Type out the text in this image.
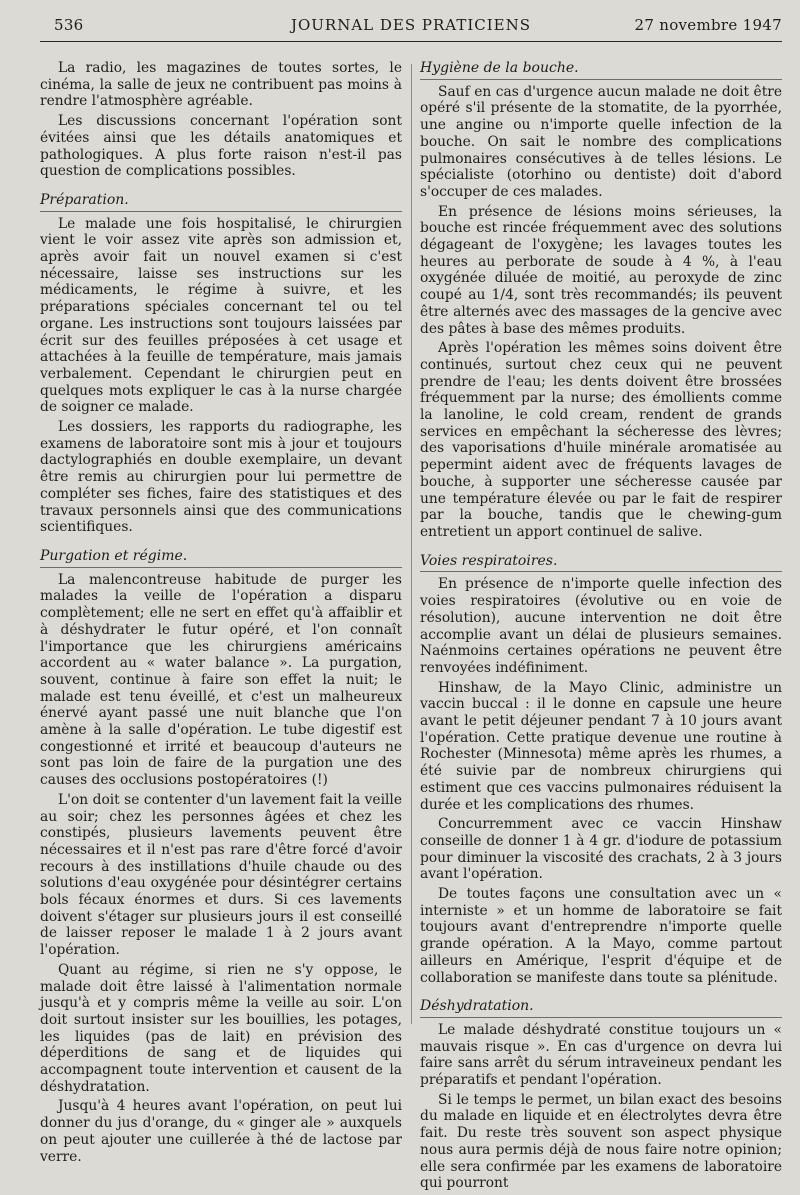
536	JOURNAL DES PRATICIENS	27 novembre 1947

La radio, les magazines de toutes sortes, le cinéma, la salle de jeux ne contribuent pas moins à rendre l'atmosphère agréable.

Les discussions concernant l'opération sont évitées ainsi que les détails anatomiques et pathologiques. A plus forte raison n'est-il pas question de complications possibles.

Préparation.

Le malade une fois hospitalisé, le chirurgien vient le voir assez vite après son admission et, après avoir fait un nouvel examen si c'est nécessaire, laisse ses instructions sur les médicaments, le régime à suivre, et les préparations spéciales concernant tel ou tel organe. Les instructions sont toujours laissées par écrit sur des feuilles préposées à cet usage et attachées à la feuille de température, mais jamais verbalement. Cependant le chirurgien peut en quelques mots expliquer le cas à la nurse chargée de soigner ce malade.

Les dossiers, les rapports du radiographe, les examens de laboratoire sont mis à jour et toujours dactylographiés en double exemplaire, un devant être remis au chirurgien pour lui permettre de compléter ses fiches, faire des statistiques et des travaux personnels ainsi que des communications scientifiques.

Purgation et régime.

La malencontreuse habitude de purger les malades la veille de l'opération a disparu complètement; elle ne sert en effet qu'à affaiblir et à déshydrater le futur opéré, et l'on connaît l'importance que les chirurgiens américains accordent au « water balance ». La purgation, souvent, continue à faire son effet la nuit; le malade est tenu éveillé, et c'est un malheureux énervé ayant passé une nuit blanche que l'on amène à la salle d'opération. Le tube digestif est congestionné et irrité et beaucoup d'auteurs ne sont pas loin de faire de la purgation une des causes des occlusions postopératoires (!)

L'on doit se contenter d'un lavement fait la veille au soir; chez les personnes âgées et chez les constipés, plusieurs lavements peuvent être nécessaires et il n'est pas rare d'être forcé d'avoir recours à des instillations d'huile chaude ou des solutions d'eau oxygénée pour désintégrer certains bols fécaux énormes et durs. Si ces lavements doivent s'étager sur plusieurs jours il est conseillé de laisser reposer le malade 1 à 2 jours avant l'opération.

Quant au régime, si rien ne s'y oppose, le malade doit être laissé à l'alimentation normale jusqu'à et y compris même la veille au soir. L'on doit surtout insister sur les bouillies, les potages, les liquides (pas de lait) en prévision des déperditions de sang et de liquides qui accompagnent toute intervention et causent de la déshydratation.

Jusqu'à 4 heures avant l'opération, on peut lui donner du jus d'orange, du « ginger ale » auxquels on peut ajouter une cuillerée à thé de lactose par verre.

Hygiène de la bouche.

Sauf en cas d'urgence aucun malade ne doit être opéré s'il présente de la stomatite, de la pyorrhée, une angine ou n'importe quelle infection de la bouche. On sait le nombre des complications pulmonaires consécutives à de telles lésions. Le spécialiste (otorhino ou dentiste) doit d'abord s'occuper de ces malades.

En présence de lésions moins sérieuses, la bouche est rincée fréquemment avec des solutions dégageant de l'oxygène; les lavages toutes les heures au perborate de soude à 4 %, à l'eau oxygénée diluée de moitié, au peroxyde de zinc coupé au 1/4, sont très recommandés; ils peuvent être alternés avec des massages de la gencive avec des pâtes à base des mêmes produits.

Après l'opération les mêmes soins doivent être continués, surtout chez ceux qui ne peuvent prendre de l'eau; les dents doivent être brossées fréquemment par la nurse; des émollients comme la lanoline, le cold cream, rendent de grands services en empêchant la sécheresse des lèvres; des vaporisations d'huile minérale aromatisée au pepermint aident avec de fréquents lavages de bouche, à supporter une sécheresse causée par une température élevée ou par le fait de respirer par la bouche, tandis que le chewing-gum entretient un apport continuel de salive.

Voies respiratoires.

En présence de n'importe quelle infection des voies respiratoires (évolutive ou en voie de résolution), aucune intervention ne doit être accomplie avant un délai de plusieurs semaines. Naénmoins certaines opérations ne peuvent être renvoyées indéfiniment.

Hinshaw, de la Mayo Clinic, administre un vaccin buccal : il le donne en capsule une heure avant le petit déjeuner pendant 7 à 10 jours avant l'opération. Cette pratique devenue une routine à Rochester (Minnesota) même après les rhumes, a été suivie par de nombreux chirurgiens qui estiment que ces vaccins pulmonaires réduisent la durée et les complications des rhumes.

Concurremment avec ce vaccin Hinshaw conseille de donner 1 à 4 gr. d'iodure de potassium pour diminuer la viscosité des crachats, 2 à 3 jours avant l'opération.

De toutes façons une consultation avec un « interniste » et un homme de laboratoire se fait toujours avant d'entreprendre n'importe quelle grande opération. A la Mayo, comme partout ailleurs en Amérique, l'esprit d'équipe et de collaboration se manifeste dans toute sa plénitude.

Déshydratation.

Le malade déshydraté constitue toujours un « mauvais risque ». En cas d'urgence on devra lui faire sans arrêt du sérum intraveineux pendant les préparatifs et pendant l'opération.

Si le temps le permet, un bilan exact des besoins du malade en liquide et en électrolytes devra être fait. Du reste très souvent son aspect physique nous aura permis déjà de nous faire notre opinion; elle sera confirmée par les examens de laboratoire qui pourront
